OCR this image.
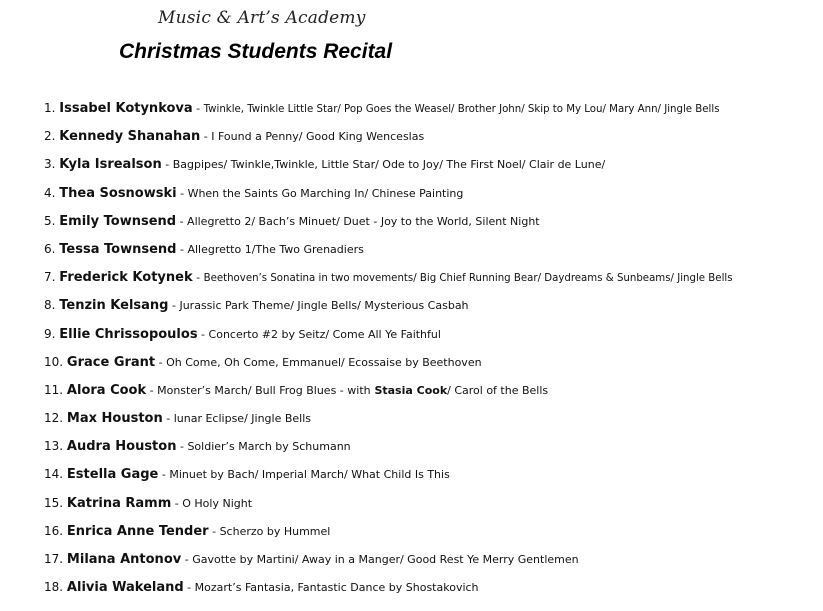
Music & Art’s Academy
Christmas Students Recital
1. Issabel Kotynkova - Twinkle, Twinkle Little Star/ Pop Goes the Weasel/ Brother John/ Skip to My Lou/ Mary Ann/ Jingle Bells
2. Kennedy Shanahan - I Found a Penny/ Good King Wenceslas
3. Kyla Isrealson - Bagpipes/ Twinkle,Twinkle, Little Star/ Ode to Joy/ The First Noel/ Clair de Lune/
4. Thea Sosnowski - When the Saints Go Marching In/ Chinese Painting
5. Emily Townsend - Allegretto 2/ Bach’s Minuet/ Duet - Joy to the World, Silent Night
6. Tessa Townsend - Allegretto 1/The Two Grenadiers
7. Frederick Kotynek - Beethoven’s Sonatina in two movements/ Big Chief Running Bear/ Daydreams & Sunbeams/ Jingle Bells
8. Tenzin Kelsang - Jurassic Park Theme/ Jingle Bells/ Mysterious Casbah
9. Ellie Chrissopoulos - Concerto #2 by Seitz/ Come All Ye Faithful
10. Grace Grant - Oh Come, Oh Come, Emmanuel/ Ecossaise by Beethoven
11. Alora Cook - Monster’s March/ Bull Frog Blues - with Stasia Cook/ Carol of the Bells
12. Max Houston - lunar Eclipse/ Jingle Bells
13. Audra Houston - Soldier’s March by Schumann
14. Estella Gage - Minuet by Bach/ Imperial March/ What Child Is This
15. Katrina Ramm - O Holy Night
16. Enrica Anne Tender - Scherzo by Hummel
17. Milana Antonov - Gavotte by Martini/ Away in a Manger/ Good Rest Ye Merry Gentlemen
18. Alivia Wakeland - Mozart’s Fantasia, Fantastic Dance by Shostakovich
